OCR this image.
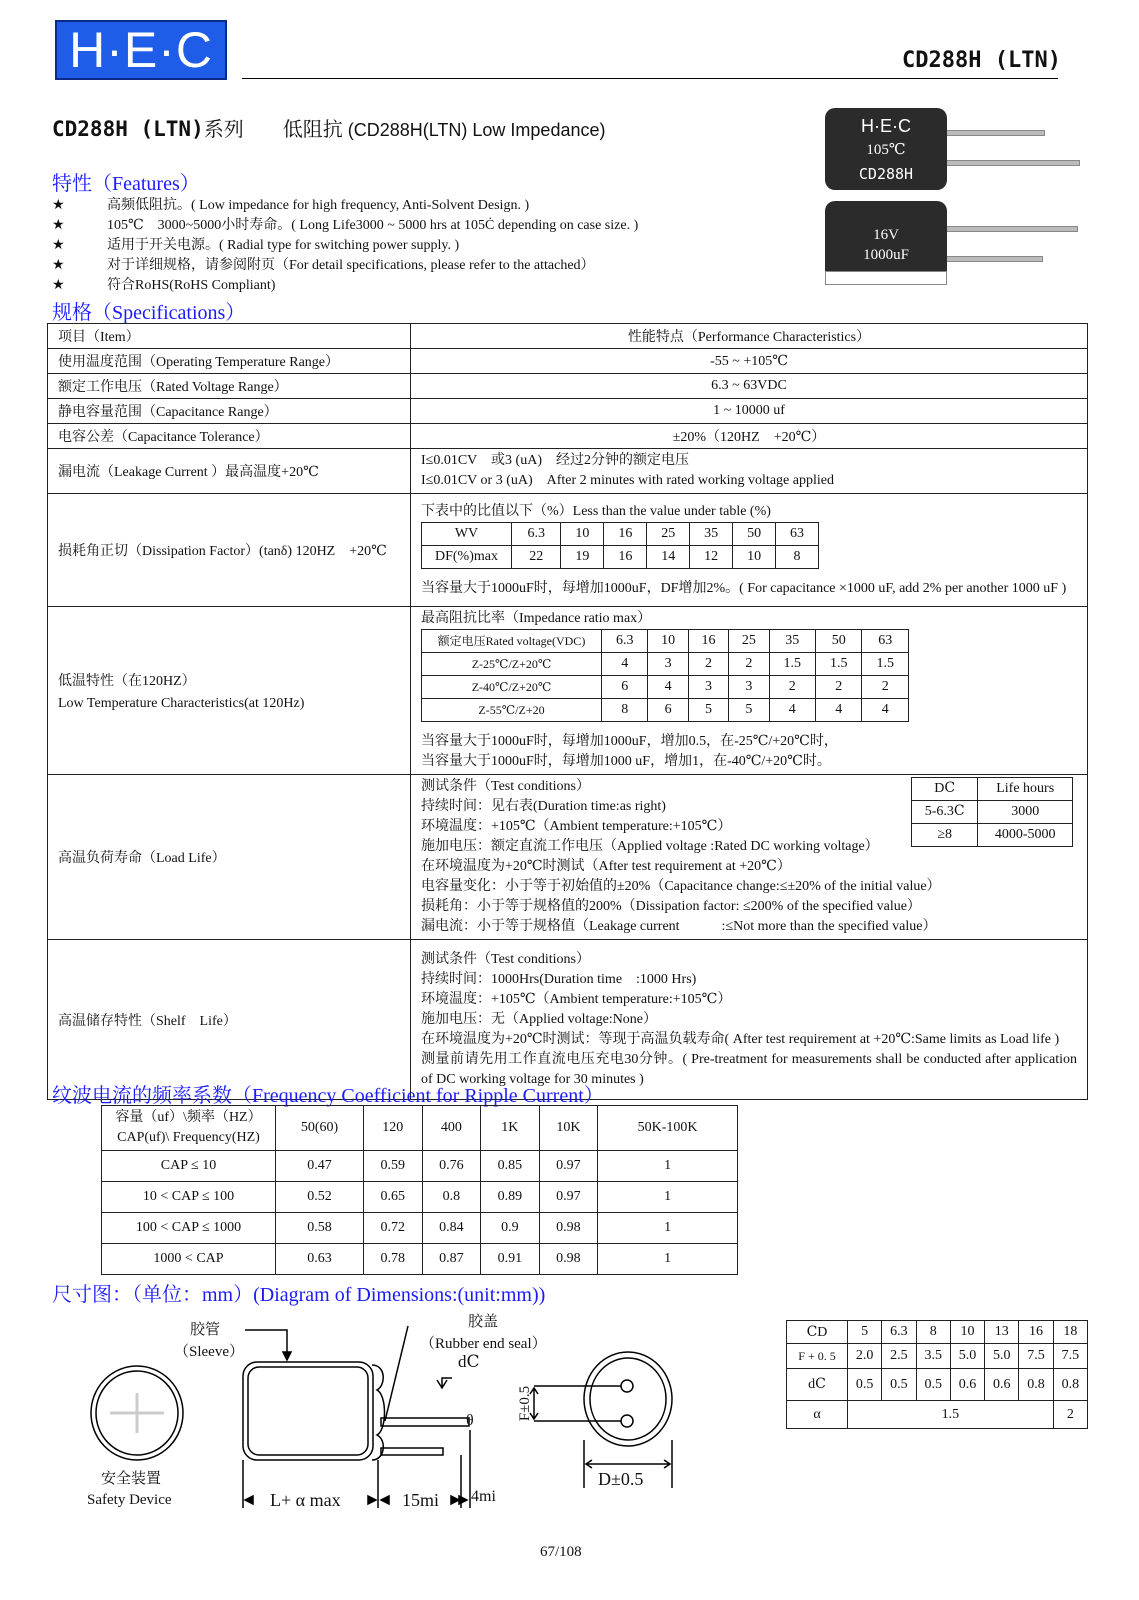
H·E·C	CD288H (LTN)
CD288H (LTN)系列 低阻抗 (CD288H(LTN) Low Impedance)	H·E·C
105℃
CD288H
16V
1000uF
特性（Features）
★	高频低阻抗。( Low impedance for high frequency, Anti-Solvent Design. )
★	105℃　3000~5000小时寿命。( Long Life3000 ~ 5000 hrs at 105Ċ depending on case size. )
★	适用于开关电源。( Radial type for switching power supply. )
★	对于详细规格，请参阅附页（For detail specifications, please refer to the attached）
★	符合RoHS(RoHS Compliant)
规格（Specifications）
项目（Item）	性能特点（Performance Characteristics）
使用温度范围（Operating Temperature Range）	-55 ~ +105℃
额定工作电压（Rated Voltage Range）	6.3 ~ 63VDC
静电容量范围（Capacitance Range）	1 ~ 10000 uf
电容公差（Capacitance Tolerance）	±20%（120HZ　+20℃）
漏电流（Leakage Current ）最高温度+20℃	
I≤0.01CV　或3 (uA)　经过2分钟的额定电压
I≤0.01CV or 3 (uA)　After 2 minutes with rated working voltage applied

损耗角正切（Dissipation Factor）(tanδ) 120HZ　+20℃	
下表中的比值以下（%）Less than the value under table (%)
WV	6.3	10	16	25	35	50	63
DF(%)max	22	19	16	14	12	10	8
当容量大于1000uF时，每增加1000uF，DF增加2%。( For capacitance ×1000 uF, add 2% per another 1000 uF )

低温特性（在120HZ）
Low Temperature Characteristics(at 120Hz)

最高阻抗比率（Impedance ratio max）
额定电压Rated voltage(VDC)	6.3	10	16	25	35	50	63
Z-25℃/Z+20℃	4	3	2	2	1.5	1.5	1.5
Z-40℃/Z+20℃	6	4	3	3	2	2	2
Z-55℃/Z+20	8	6	5	5	4	4	4
当容量大于1000uF时，每增加1000uF，增加0.5，在-25℃/+20℃时，
当容量大于1000uF时，每增加1000 uF，增加1，在-40℃/+20℃时。

高温负荷寿命（Load Life）	
DⅭ	Life hours
5-6.3Ⅽ	3000
≥8	4000-5000
测试条件（Test conditions）
持续时间：见右表(Duration time:as right)
环境温度：+105℃（Ambient temperature:+105℃）
施加电压：额定直流工作电压（Applied voltage :Rated DC working voltage）
在环境温度为+20℃时测试（After test requirement at +20℃）
电容量变化：小于等于初始值的±20%（Capacitance change:≤±20% of the initial value）
损耗角：小于等于规格值的200%（Dissipation factor: ≤200% of the specified value）
漏电流：小于等于规格值（Leakage current　　　:≤Not more than the specified value）

高温储存特性（Shelf　Life）	
测试条件（Test conditions）
持续时间：1000Hrs(Duration time　:1000 Hrs)
环境温度：+105℃（Ambient temperature:+105℃）
施加电压：无（Applied voltage:None）
在环境温度为+20℃时测试：等现于高温负载寿命( After test requirement at +20℃:Same limits as Load life )
测量前请先用工作直流电压充电30分钟。( Pre-treatment for measurements shall be conducted after application of DC working voltage for 30 minutes )
纹波电流的频率系数（Frequency Coefficient for Ripple Current）
容量（uf）\频率（HZ）
CAP(uf)\ Frequency(HZ)	50(60)	120	400	1K	10K	50K-100K
CAP ≤ 10	0.47	0.59	0.76	0.85	0.97	1
10 < CAP ≤ 100	0.52	0.65	0.8	0.89	0.97	1
100 < CAP ≤ 1000	0.58	0.72	0.84	0.9	0.98	1
1000 < CAP	0.63	0.78	0.87	0.91	0.98	1
尺寸图：（单位：mm）(Diagram of Dimensions:(unit:mm))
胶管
（Sleeve）
胶盖
（Rubber end seal）
dⅭ
θ	F±0.5
D±0.5
L+ α max	15mi 4mi
安全装置
Safety Device
ⅭD	5	6.3	8	10	13	16	18
F + 0. 5	2.0	2.5	3.5	5.0	5.0	7.5	7.5
dⅭ	0.5	0.5	0.5	0.6	0.6	0.8	0.8
α	1.5						2
67/108
